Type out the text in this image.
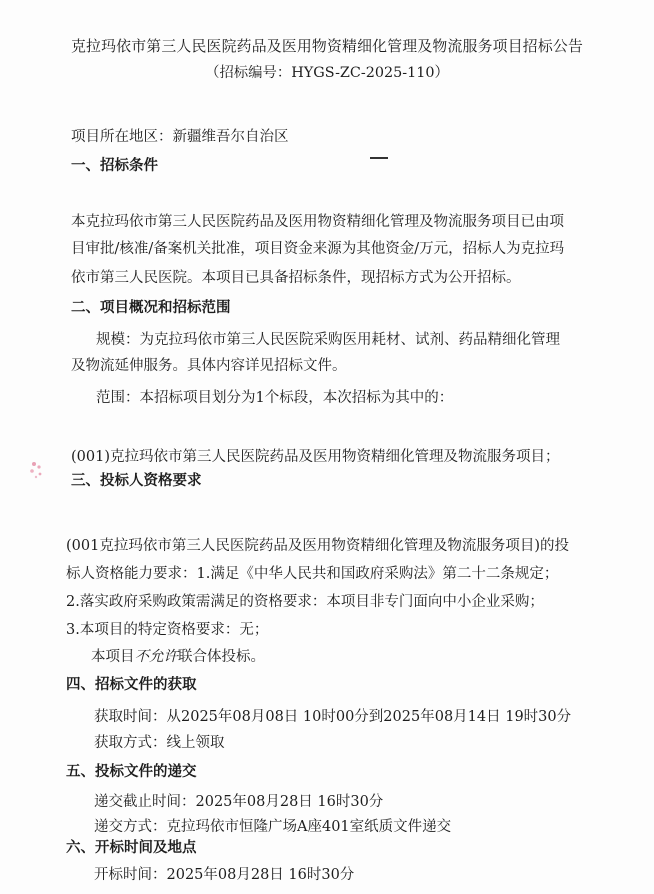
克拉玛依市第三人民医院药品及医用物资精细化管理及物流服务项目招标公告
（招标编号：HYGS-ZC-2025-110）
项目所在地区：新疆维吾尔自治区
一、招标条件
本克拉玛依市第三人民医院药品及医用物资精细化管理及物流服务项目已由项
目审批/核准/备案机关批准，项目资金来源为其他资金/万元，招标人为克拉玛
依市第三人民医院。本项目已具备招标条件，现招标方式为公开招标。
二、项目概况和招标范围
规模：为克拉玛依市第三人民医院采购医用耗材、试剂、药品精细化管理
及物流延伸服务。具体内容详见招标文件。
范围：本招标项目划分为1个标段，本次招标为其中的：
(001)克拉玛依市第三人民医院药品及医用物资精细化管理及物流服务项目；
三、投标人资格要求
(001克拉玛依市第三人民医院药品及医用物资精细化管理及物流服务项目)的投
标人资格能力要求：1.满足《中华人民共和国政府采购法》第二十二条规定；
2.落实政府采购政策需满足的资格要求：本项目非专门面向中小企业采购；
3.本项目的特定资格要求：无；
本项目不允许联合体投标。
四、招标文件的获取
获取时间：从2025年08月08日 10时00分到2025年08月14日 19时30分
获取方式：线上领取
五、投标文件的递交
递交截止时间：2025年08月28日 16时30分
递交方式：克拉玛依市恒隆广场A座401室纸质文件递交
六、开标时间及地点
开标时间：2025年08月28日 16时30分
